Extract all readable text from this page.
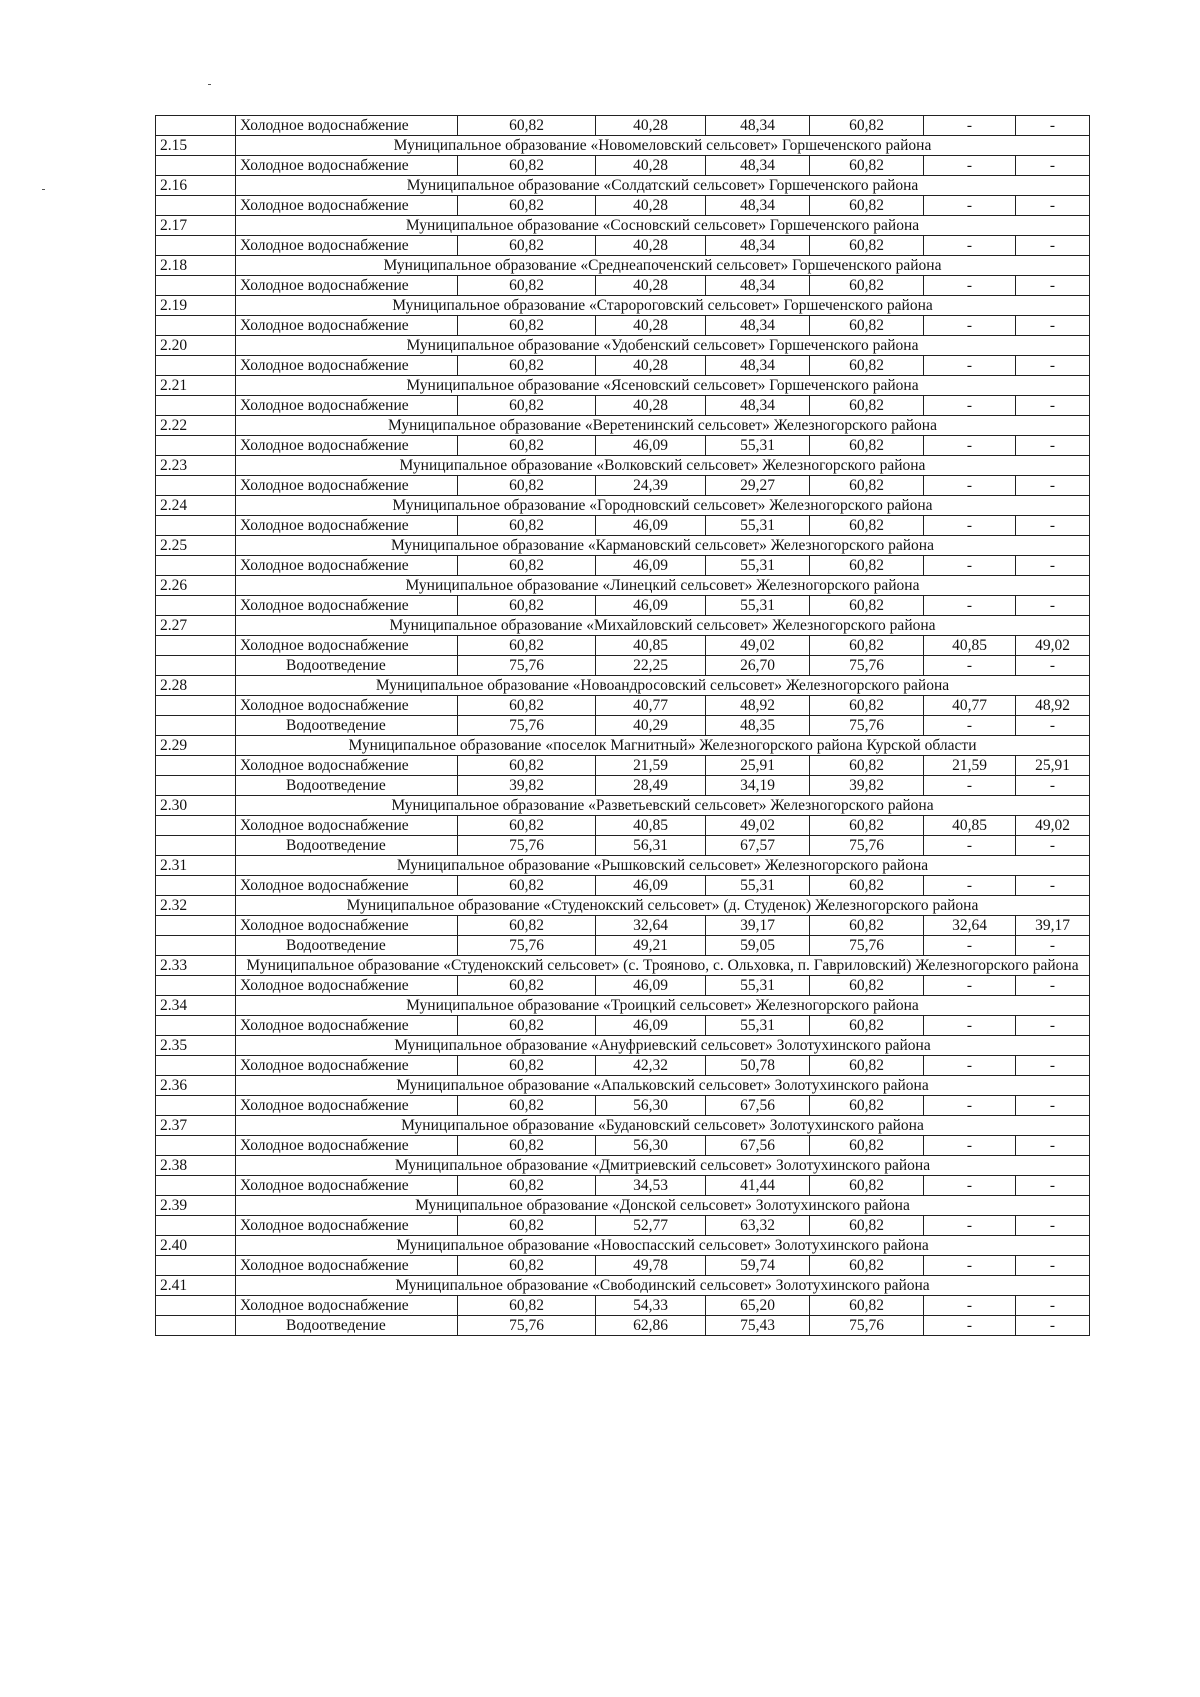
	Холодное водоснабжение	60,82	40,28	48,34	60,82	-	-
2.15	Муниципальное образование «Новомеловский сельсовет» Горшеченского района						
	Холодное водоснабжение	60,82	40,28	48,34	60,82	-	-
2.16	Муниципальное образование «Солдатский сельсовет» Горшеченского района						
	Холодное водоснабжение	60,82	40,28	48,34	60,82	-	-
2.17	Муниципальное образование «Сосновский сельсовет» Горшеченского района						
	Холодное водоснабжение	60,82	40,28	48,34	60,82	-	-
2.18	Муниципальное образование «Среднеапоченский сельсовет» Горшеченского района						
	Холодное водоснабжение	60,82	40,28	48,34	60,82	-	-
2.19	Муниципальное образование «Старороговский сельсовет» Горшеченского района						
	Холодное водоснабжение	60,82	40,28	48,34	60,82	-	-
2.20	Муниципальное образование «Удобенский сельсовет» Горшеченского района						
	Холодное водоснабжение	60,82	40,28	48,34	60,82	-	-
2.21	Муниципальное образование «Ясеновский сельсовет» Горшеченского района						
	Холодное водоснабжение	60,82	40,28	48,34	60,82	-	-
2.22	Муниципальное образование «Веретенинский сельсовет» Железногорского района						
	Холодное водоснабжение	60,82	46,09	55,31	60,82	-	-
2.23	Муниципальное образование «Волковский сельсовет» Железногорского района						
	Холодное водоснабжение	60,82	24,39	29,27	60,82	-	-
2.24	Муниципальное образование «Городновский сельсовет» Железногорского района						
	Холодное водоснабжение	60,82	46,09	55,31	60,82	-	-
2.25	Муниципальное образование «Кармановский сельсовет» Железногорского района						
	Холодное водоснабжение	60,82	46,09	55,31	60,82	-	-
2.26	Муниципальное образование «Линецкий сельсовет» Железногорского района						
	Холодное водоснабжение	60,82	46,09	55,31	60,82	-	-
2.27	Муниципальное образование «Михайловский сельсовет» Железногорского района						
	Холодное водоснабжение	60,82	40,85	49,02	60,82	40,85	49,02
	Водоотведение	75,76	22,25	26,70	75,76	-	-
2.28	Муниципальное образование «Новоандросовский сельсовет» Железногорского района						
	Холодное водоснабжение	60,82	40,77	48,92	60,82	40,77	48,92
	Водоотведение	75,76	40,29	48,35	75,76	-	-
2.29	Муниципальное образование «поселок Магнитный» Железногорского района Курской области						
	Холодное водоснабжение	60,82	21,59	25,91	60,82	21,59	25,91
	Водоотведение	39,82	28,49	34,19	39,82	-	-
2.30	Муниципальное образование «Разветьевский сельсовет» Железногорского района						
	Холодное водоснабжение	60,82	40,85	49,02	60,82	40,85	49,02
	Водоотведение	75,76	56,31	67,57	75,76	-	-
2.31	Муниципальное образование «Рышковский сельсовет» Железногорского района						
	Холодное водоснабжение	60,82	46,09	55,31	60,82	-	-
2.32	Муниципальное образование «Студенокский сельсовет» (д. Студенок) Железногорского района						
	Холодное водоснабжение	60,82	32,64	39,17	60,82	32,64	39,17
	Водоотведение	75,76	49,21	59,05	75,76	-	-
2.33	Муниципальное образование «Студенокский сельсовет» (с. Трояново, с. Ольховка, п. Гавриловский) Железногорского района						
	Холодное водоснабжение	60,82	46,09	55,31	60,82	-	-
2.34	Муниципальное образование «Троицкий сельсовет» Железногорского района						
	Холодное водоснабжение	60,82	46,09	55,31	60,82	-	-
2.35	Муниципальное образование «Ануфриевский сельсовет» Золотухинского района						
	Холодное водоснабжение	60,82	42,32	50,78	60,82	-	-
2.36	Муниципальное образование «Апальковский сельсовет» Золотухинского района						
	Холодное водоснабжение	60,82	56,30	67,56	60,82	-	-
2.37	Муниципальное образование «Будановский сельсовет» Золотухинского района						
	Холодное водоснабжение	60,82	56,30	67,56	60,82	-	-
2.38	Муниципальное образование «Дмитриевский сельсовет» Золотухинского района						
	Холодное водоснабжение	60,82	34,53	41,44	60,82	-	-
2.39	Муниципальное образование «Донской сельсовет» Золотухинского района						
	Холодное водоснабжение	60,82	52,77	63,32	60,82	-	-
2.40	Муниципальное образование «Новоспасский сельсовет» Золотухинского района						
	Холодное водоснабжение	60,82	49,78	59,74	60,82	-	-
2.41	Муниципальное образование «Свободинский сельсовет» Золотухинского района						
	Холодное водоснабжение	60,82	54,33	65,20	60,82	-	-
	Водоотведение	75,76	62,86	75,43	75,76	-	-
